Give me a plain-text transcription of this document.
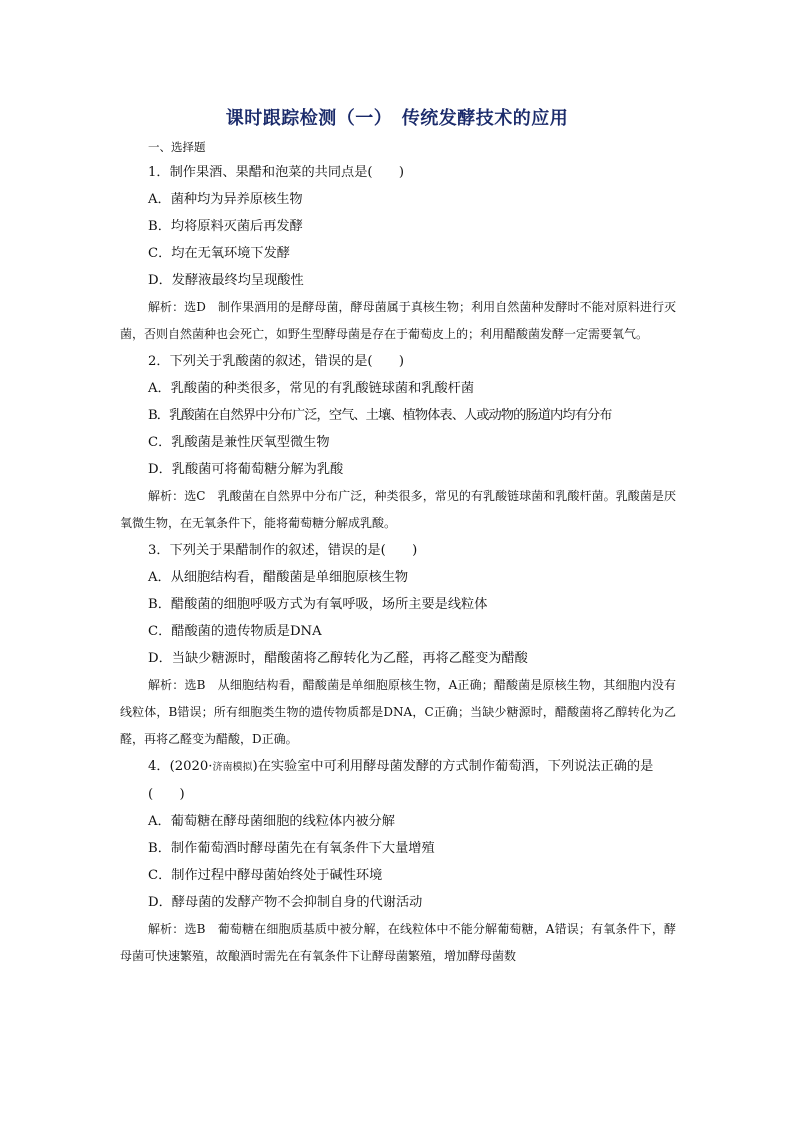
课时跟踪检测（一）　传统发酵技术的应用
一、选择题
1．制作果酒、果醋和泡菜的共同点是(　　)
A．菌种均为异养原核生物
B．均将原料灭菌后再发酵
C．均在无氧环境下发酵
D．发酵液最终均呈现酸性

解析：选D　制作果酒用的是酵母菌，酵母菌属于真核生物；利用自然菌种发酵时不能对原料进行灭菌，否则自然菌种也会死亡，如野生型酵母菌是存在于葡萄皮上的；利用醋酸菌发酵一定需要氧气。

2．下列关于乳酸菌的叙述，错误的是(　　)
A．乳酸菌的种类很多，常见的有乳酸链球菌和乳酸杆菌
B．乳酸菌在自然界中分布广泛，空气、土壤、植物体表、人或动物的肠道内均有分布
C．乳酸菌是兼性厌氧型微生物
D．乳酸菌可将葡萄糖分解为乳酸

解析：选C　乳酸菌在自然界中分布广泛，种类很多，常见的有乳酸链球菌和乳酸杆菌。乳酸菌是厌氧微生物，在无氧条件下，能将葡萄糖分解成乳酸。

3．下列关于果醋制作的叙述，错误的是(　　)
A．从细胞结构看，醋酸菌是单细胞原核生物
B．醋酸菌的细胞呼吸方式为有氧呼吸，场所主要是线粒体
C．醋酸菌的遗传物质是DNA
D．当缺少糖源时，醋酸菌将乙醇转化为乙醛，再将乙醛变为醋酸

解析：选B　从细胞结构看，醋酸菌是单细胞原核生物，A正确；醋酸菌是原核生物，其细胞内没有线粒体，B错误；所有细胞类生物的遗传物质都是DNA，C正确；当缺少糖源时，醋酸菌将乙醇转化为乙醛，再将乙醛变为醋酸，D正确。

4．(2020·济南模拟)在实验室中可利用酵母菌发酵的方式制作葡萄酒，下列说法正确的是(　　)
A．葡萄糖在酵母菌细胞的线粒体内被分解
B．制作葡萄酒时酵母菌先在有氧条件下大量增殖
C．制作过程中酵母菌始终处于碱性环境
D．酵母菌的发酵产物不会抑制自身的代谢活动

解析：选B　葡萄糖在细胞质基质中被分解，在线粒体中不能分解葡萄糖，A错误；有氧条件下，酵母菌可快速繁殖，故酿酒时需先在有氧条件下让酵母菌繁殖，增加酵母菌数
